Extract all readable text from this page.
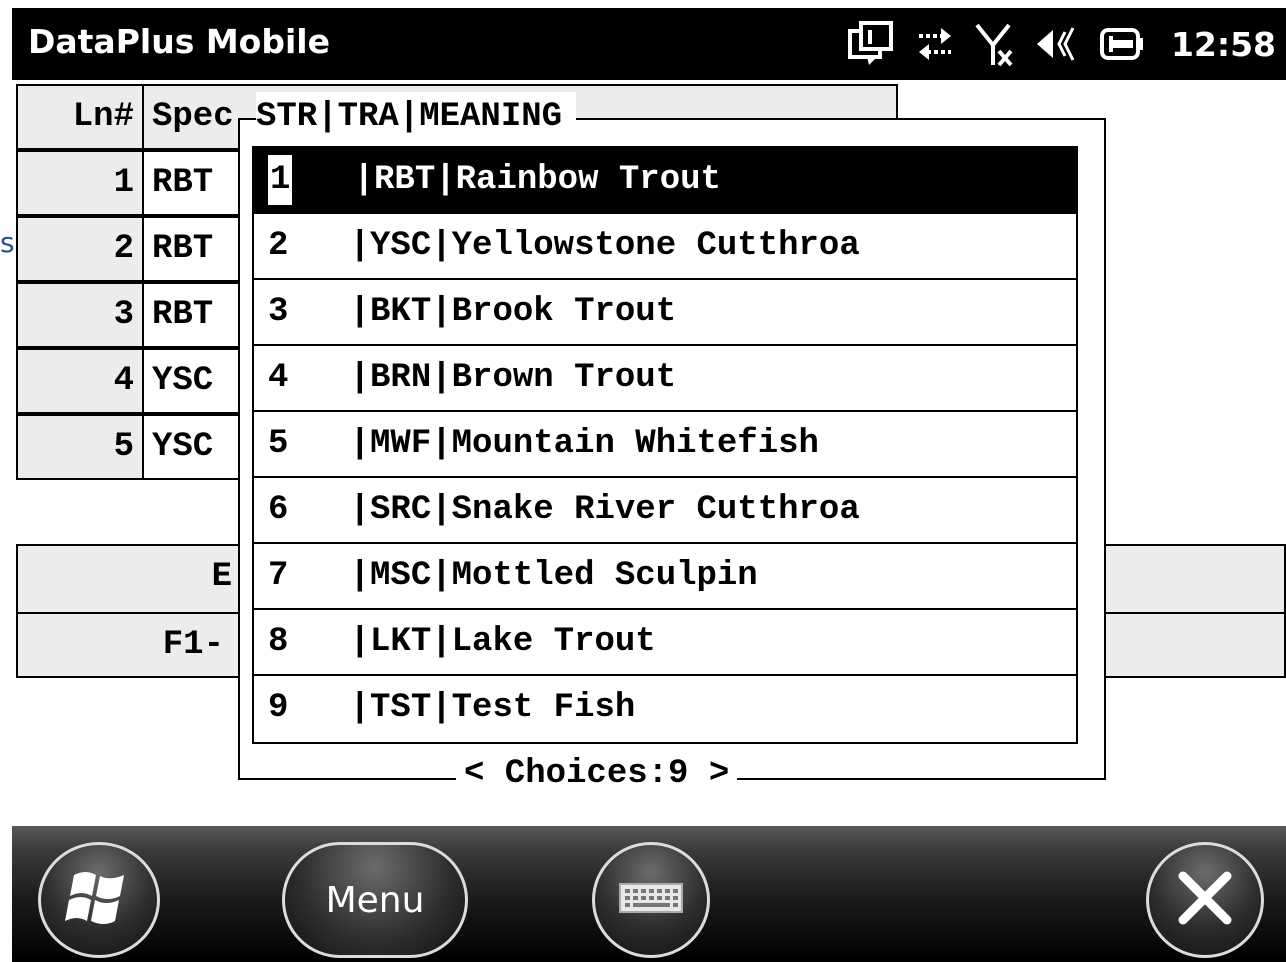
DataPlus Mobile	12:58
Ln# Spec
1 RBT
2 RBT
3 RBT
4 YSC
5 YSC
E
F1-
s
STR|TRA|MEANING
1   |RBT|Rainbow Trout
2   |YSC|Yellowstone Cutthroa
3   |BKT|Brook Trout
4   |BRN|Brown Trout
5   |MWF|Mountain Whitefish
6   |SRC|Snake River Cutthroa
7   |MSC|Mottled Sculpin
8   |LKT|Lake Trout
9   |TST|Test Fish
< Choices:9 >
Menu
